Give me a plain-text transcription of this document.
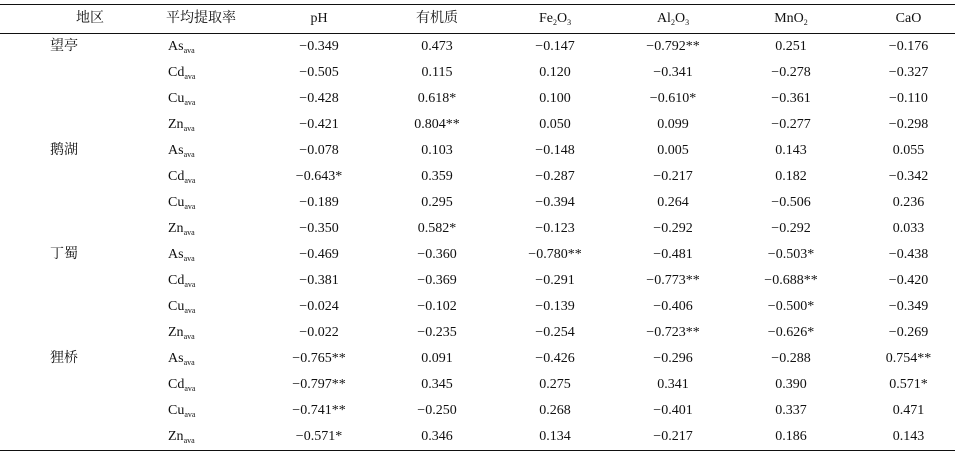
地区	平均提取率	pH	有机质	$Fe_2O_3$	$Al_2O_3$	MnO$_2$	CaO
望亭	$As_{ava}$	−0.349	0.473	−0.147	−0.792**	0.251	−0.176
	$Cd_{ava}$	−0.505	0.115	0.120	−0.341	−0.278	−0.327
	$Cu_{ava}$	−0.428	0.618*	0.100	−0.610*	−0.361	−0.110
	$Zn_{ava}$	−0.421	0.804**	0.050	0.099	−0.277	−0.298
鹅湖	$As_{ava}$	−0.078	0.103	−0.148	0.005	0.143	0.055
	$Cd_{ava}$	−0.643*	0.359	−0.287	−0.217	0.182	−0.342
	$Cu_{ava}$	−0.189	0.295	−0.394	0.264	−0.506	0.236
	$Zn_{ava}$	−0.350	0.582*	−0.123	−0.292	−0.292	0.033
丁蜀	$As_{ava}$	−0.469	−0.360	−0.780**	−0.481	−0.503*	−0.438
	$Cd_{ava}$	−0.381	−0.369	−0.291	−0.773**	−0.688**	−0.420
	$Cu_{ava}$	−0.024	−0.102	−0.139	−0.406	−0.500*	−0.349
	$Zn_{ava}$	−0.022	−0.235	−0.254	−0.723**	−0.626*	−0.269
狸桥	$As_{ava}$	−0.765**	0.091	−0.426	−0.296	−0.288	0.754**
	$Cd_{ava}$	−0.797**	0.345	0.275	0.341	0.390	0.571*
	$Cu_{ava}$	−0.741**	−0.250	0.268	−0.401	0.337	0.471
	$Zn_{ava}$	−0.571*	0.346	0.134	−0.217	0.186	0.143
